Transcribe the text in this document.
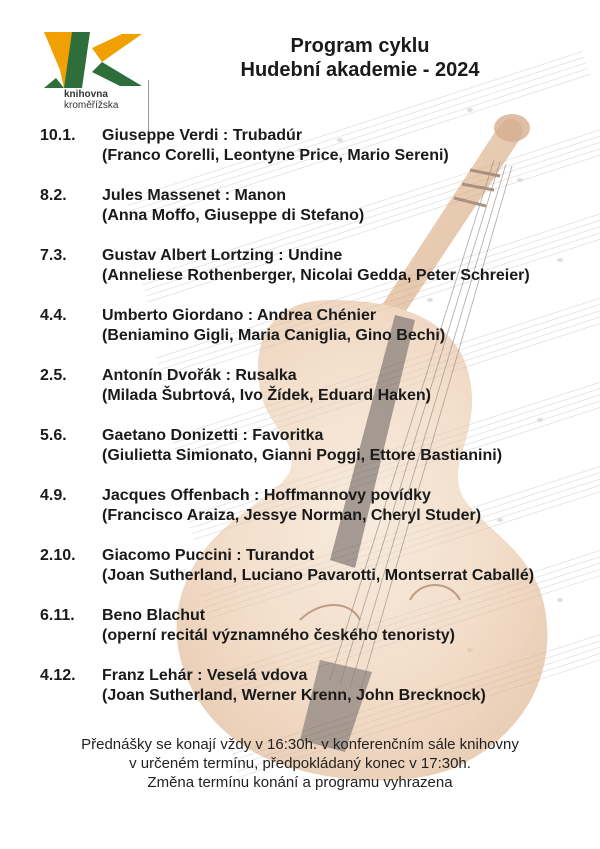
knihovna
kroměřížska
Program cyklu
Hudební akademie - 2024
10.1.	Giuseppe Verdi : Trubadúr
(Franco Corelli, Leontyne Price, Mario Sereni)
8.2.	Jules Massenet : Manon
(Anna Moffo, Giuseppe di Stefano)
7.3.	Gustav Albert Lortzing : Undine
(Anneliese Rothenberger, Nicolai Gedda, Peter Schreier)
4.4.	Umberto Giordano : Andrea Chénier
(Beniamino Gigli, Maria Caniglia, Gino Bechi)
2.5.	Antonín Dvořák : Rusalka
(Milada Šubrtová, Ivo Žídek, Eduard Haken)
5.6.	Gaetano Donizetti : Favoritka
(Giulietta Simionato, Gianni Poggi, Ettore Bastianini)
4.9.	Jacques Offenbach : Hoffmannovy povídky
(Francisco Araiza, Jessye Norman, Cheryl Studer)
2.10.	Giacomo Puccini : Turandot
(Joan Sutherland, Luciano Pavarotti, Montserrat Caballé)
6.11.	Beno Blachut
(operní recitál významného českého tenoristy)
4.12.	Franz Lehár : Veselá vdova
(Joan Sutherland, Werner Krenn, John Brecknock)
Přednášky se konají vždy v 16:30h. v konferenčním sále knihovny
v určeném termínu, předpokládaný konec v 17:30h.
Změna termínu konání a programu vyhrazena
